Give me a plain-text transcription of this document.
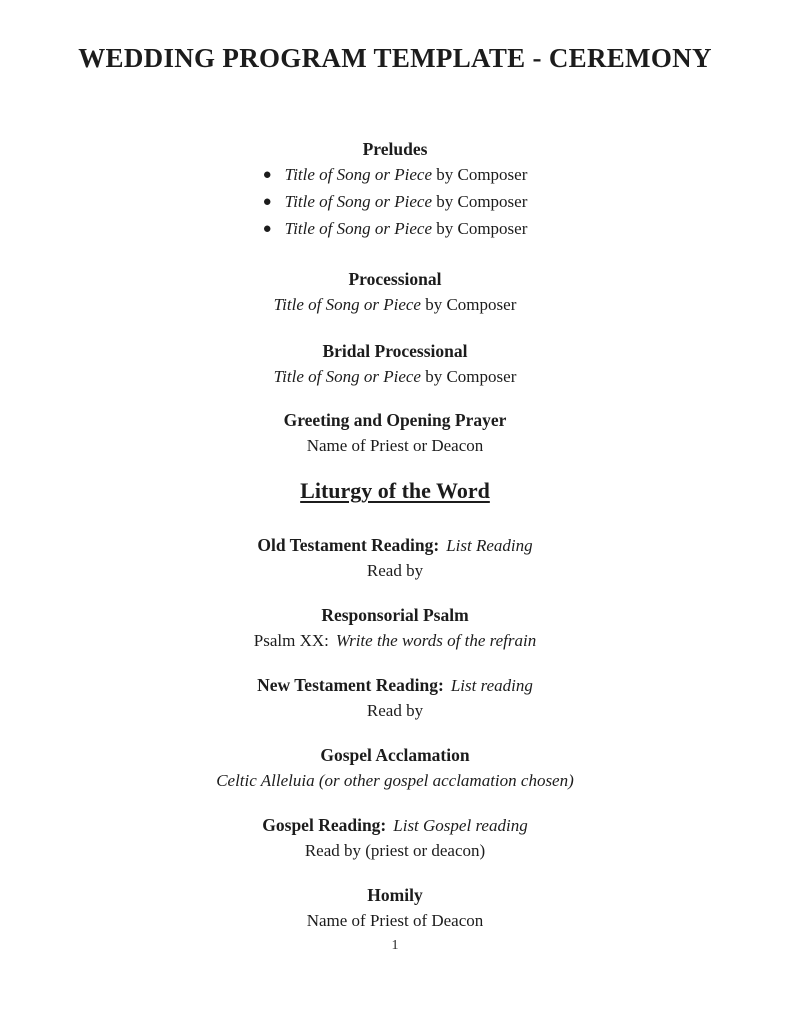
WEDDING PROGRAM TEMPLATE - CEREMONY
Preludes
● Title of Song or Piece by Composer
● Title of Song or Piece by Composer
● Title of Song or Piece by Composer
Processional
Title of Song or Piece by Composer
Bridal Processional
Title of Song or Piece by Composer
Greeting and Opening Prayer
Name of Priest or Deacon
Liturgy of the Word
Old Testament Reading: List Reading
Read by
Responsorial Psalm
Psalm XX: Write the words of the refrain
New Testament Reading: List reading
Read by
Gospel Acclamation
Celtic Alleluia (or other gospel acclamation chosen)
Gospel Reading: List Gospel reading
Read by (priest or deacon)
Homily
Name of Priest of Deacon
1
